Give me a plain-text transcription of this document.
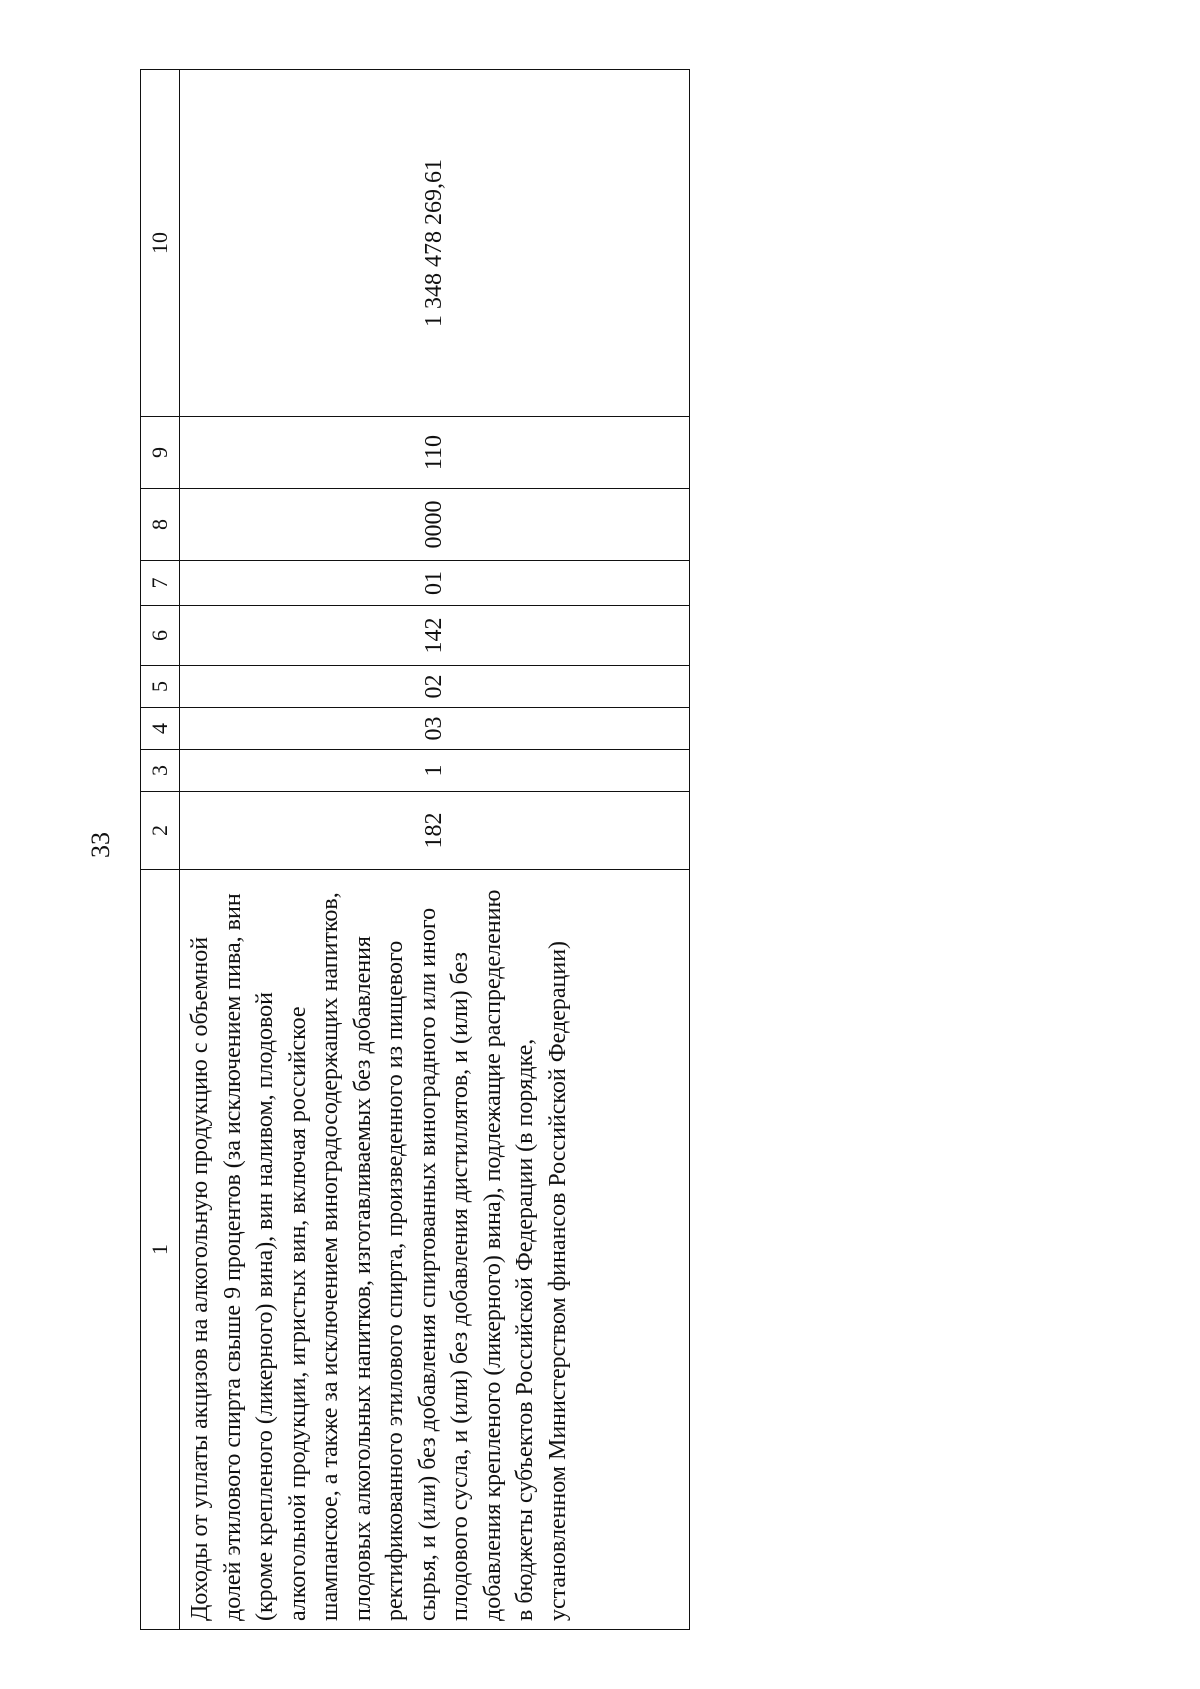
33
1	2	3	4	5	6	7	8	9	10
Доходы от уплаты акцизов на алкогольную продукцию с объемной долей этилового спирта свыше 9 процентов (за исключением пива, вин (кроме крепленого (ликерного) вина), вин наливом, плодовой алкогольной продукции, игристых вин, включая российское шампанское, а также за исключением виноградосодержащих напитков, плодовых алкогольных напитков, изготавливаемых без добавления ректификованного этилового спирта, произведенного из пищевого сырья, и (или) без добавления спиртованных виноградного или иного плодового сусла, и (или) без добавления дистиллятов, и (или) без добавления крепленого (ликерного) вина), подлежащие распределению в бюджеты субъектов Российской Федерации (в порядке, установленном Министерством финансов Российской Федерации)	182	1	03	02	142	01	0000	110	1 348 478 269,61
